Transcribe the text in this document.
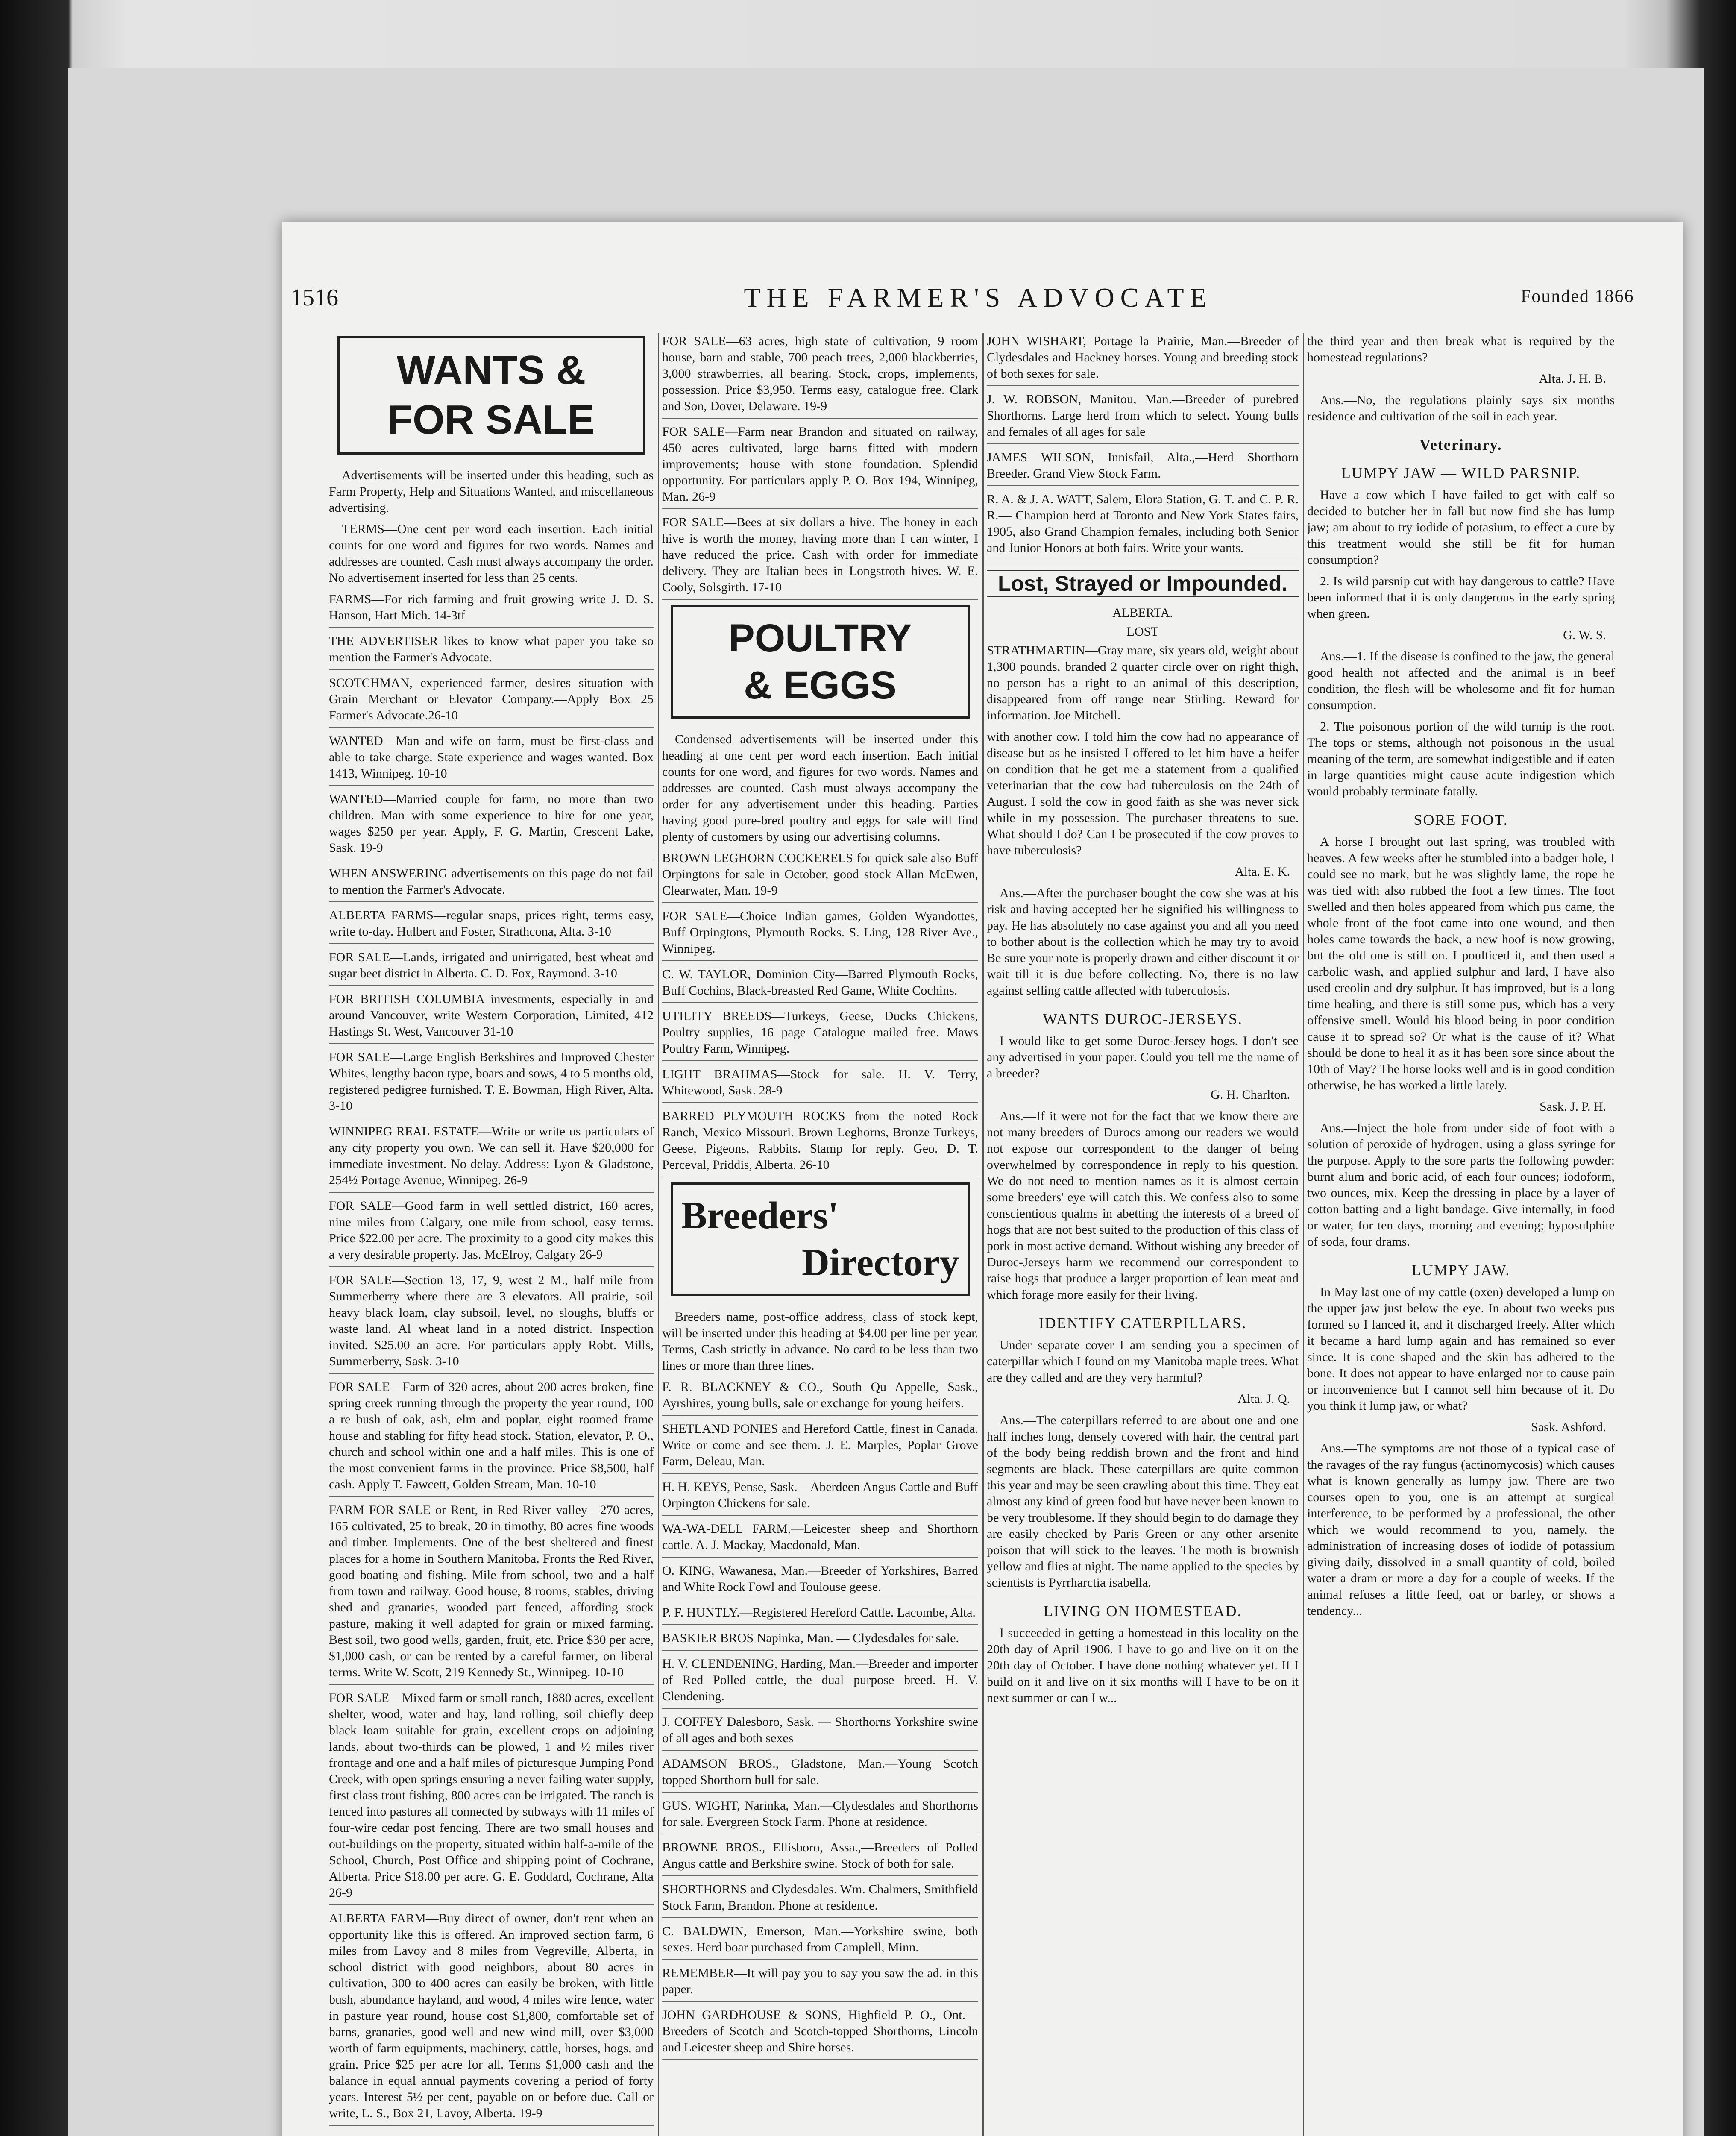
1516	THE FARMER'S ADVOCATE	Founded 1866
WANTS &
FOR SALE

Advertisements will be inserted under this heading, such as Farm Property, Help and Situations Wanted, and miscellaneous advertising.

TERMS—One cent per word each insertion. Each initial counts for one word and figures for two words. Names and addresses are counted. Cash must always accompany the order. No advertisement inserted for less than 25 cents.

FARMS—For rich farming and fruit growing write J. D. S. Hanson, Hart Mich. 14-3tf

THE ADVERTISER likes to know what paper you take so mention the Farmer's Advocate.

SCOTCHMAN, experienced farmer, desires situation with Grain Merchant or Elevator Company.—Apply Box 25 Farmer's Advocate.26-10

WANTED—Man and wife on farm, must be first-class and able to take charge. State experience and wages wanted. Box 1413, Winnipeg. 10-10

WANTED—Married couple for farm, no more than two children. Man with some experience to hire for one year, wages $250 per year. Apply, F. G. Martin, Crescent Lake, Sask. 19-9

WHEN ANSWERING advertisements on this page do not fail to mention the Farmer's Advocate.

ALBERTA FARMS—regular snaps, prices right, terms easy, write to-day. Hulbert and Foster, Strathcona, Alta. 3-10

FOR SALE—Lands, irrigated and unirrigated, best wheat and sugar beet district in Alberta. C. D. Fox, Raymond. 3-10

FOR BRITISH COLUMBIA investments, especially in and around Vancouver, write Western Corporation, Limited, 412 Hastings St. West, Vancouver 31-10

FOR SALE—Large English Berkshires and Improved Chester Whites, lengthy bacon type, boars and sows, 4 to 5 months old, registered pedigree furnished. T. E. Bowman, High River, Alta. 3-10

WINNIPEG REAL ESTATE—Write or write us particulars of any city property you own. We can sell it. Have $20,000 for immediate investment. No delay. Address: Lyon & Gladstone, 254½ Portage Avenue, Winnipeg. 26-9

FOR SALE—Good farm in well settled district, 160 acres, nine miles from Calgary, one mile from school, easy terms. Price $22.00 per acre. The proximity to a good city makes this a very desirable property. Jas. McElroy, Calgary 26-9

FOR SALE—Section 13, 17, 9, west 2 M., half mile from Summerberry where there are 3 elevators. All prairie, soil heavy black loam, clay subsoil, level, no sloughs, bluffs or waste land. Al wheat land in a noted district. Inspection invited. $25.00 an acre. For particulars apply Robt. Mills, Summerberry, Sask. 3-10

FOR SALE—Farm of 320 acres, about 200 acres broken, fine spring creek running through the property the year round, 100 a re bush of oak, ash, elm and poplar, eight roomed frame house and stabling for fifty head stock. Station, elevator, P. O., church and school within one and a half miles. This is one of the most convenient farms in the province. Price $8,500, half cash. Apply T. Fawcett, Golden Stream, Man. 10-10

FARM FOR SALE or Rent, in Red River valley—270 acres, 165 cultivated, 25 to break, 20 in timothy, 80 acres fine woods and timber. Implements. One of the best sheltered and finest places for a home in Southern Manitoba. Fronts the Red River, good boating and fishing. Mile from school, two and a half from town and railway. Good house, 8 rooms, stables, driving shed and granaries, wooded part fenced, affording stock pasture, making it well adapted for grain or mixed farming. Best soil, two good wells, garden, fruit, etc. Price $30 per acre, $1,000 cash, or can be rented by a careful farmer, on liberal terms. Write W. Scott, 219 Kennedy St., Winnipeg. 10-10

FOR SALE—Mixed farm or small ranch, 1880 acres, excellent shelter, wood, water and hay, land rolling, soil chiefly deep black loam suitable for grain, excellent crops on adjoining lands, about two-thirds can be plowed, 1 and ½ miles river frontage and one and a half miles of picturesque Jumping Pond Creek, with open springs ensuring a never failing water supply, first class trout fishing, 800 acres can be irrigated. The ranch is fenced into pastures all connected by subways with 11 miles of four-wire cedar post fencing. There are two small houses and out-buildings on the property, situated within half-a-mile of the School, Church, Post Office and shipping point of Cochrane, Alberta. Price $18.00 per acre. G. E. Goddard, Cochrane, Alta 26-9

ALBERTA FARM—Buy direct of owner, don't rent when an opportunity like this is offered. An improved section farm, 6 miles from Lavoy and 8 miles from Vegreville, Alberta, in school district with good neighbors, about 80 acres in cultivation, 300 to 400 acres can easily be broken, with little bush, abundance hayland, and wood, 4 miles wire fence, water in pasture year round, house cost $1,800, comfortable set of barns, granaries, good well and new wind mill, over $3,000 worth of farm equipments, machinery, cattle, horses, hogs, and grain. Price $25 per acre for all. Terms $1,000 cash and the balance in equal annual payments covering a period of forty years. Interest 5½ per cent, payable on or before due. Call or write, L. S., Box 21, Lavoy, Alberta. 19-9

FOR SALE—63 acres, high state of cultivation, 9 room house, barn and stable, 700 peach trees, 2,000 blackberries, 3,000 strawberries, all bearing. Stock, crops, implements, possession. Price $3,950. Terms easy, catalogue free. Clark and Son, Dover, Delaware. 19-9

FOR SALE—Farm near Brandon and situated on railway, 450 acres cultivated, large barns fitted with modern improvements; house with stone foundation. Splendid opportunity. For particulars apply P. O. Box 194, Winnipeg, Man. 26-9

FOR SALE—Bees at six dollars a hive. The honey in each hive is worth the money, having more than I can winter, I have reduced the price. Cash with order for immediate delivery. They are Italian bees in Longstroth hives. W. E. Cooly, Solsgirth. 17-10

POULTRY
& EGGS

Condensed advertisements will be inserted under this heading at one cent per word each insertion. Each initial counts for one word, and figures for two words. Names and addresses are counted. Cash must always accompany the order for any advertisement under this heading. Parties having good pure-bred poultry and eggs for sale will find plenty of customers by using our advertising columns.

BROWN LEGHORN COCKERELS for quick sale also Buff Orpingtons for sale in October, good stock Allan McEwen, Clearwater, Man. 19-9

FOR SALE—Choice Indian games, Golden Wyandottes, Buff Orpingtons, Plymouth Rocks. S. Ling, 128 River Ave., Winnipeg.

C. W. TAYLOR, Dominion City—Barred Plymouth Rocks, Buff Cochins, Black-breasted Red Game, White Cochins.

UTILITY BREEDS—Turkeys, Geese, Ducks Chickens, Poultry supplies, 16 page Catalogue mailed free. Maws Poultry Farm, Winnipeg.

LIGHT BRAHMAS—Stock for sale. H. V. Terry, Whitewood, Sask. 28-9

BARRED PLYMOUTH ROCKS from the noted Rock Ranch, Mexico Missouri. Brown Leghorns, Bronze Turkeys, Geese, Pigeons, Rabbits. Stamp for reply. Geo. D. T. Perceval, Priddis, Alberta. 26-10

Breeders'
Directory

Breeders name, post-office address, class of stock kept, will be inserted under this heading at $4.00 per line per year. Terms, Cash strictly in advance. No card to be less than two lines or more than three lines.

F. R. BLACKNEY & CO., South Qu Appelle, Sask., Ayrshires, young bulls, sale or exchange for young heifers.

SHETLAND PONIES and Hereford Cattle, finest in Canada. Write or come and see them. J. E. Marples, Poplar Grove Farm, Deleau, Man.

H. H. KEYS, Pense, Sask.—Aberdeen Angus Cattle and Buff Orpington Chickens for sale.

WA-WA-DELL FARM.—Leicester sheep and Shorthorn cattle. A. J. Mackay, Macdonald, Man.

O. KING, Wawanesa, Man.—Breeder of Yorkshires, Barred and White Rock Fowl and Toulouse geese.

P. F. HUNTLY.—Registered Hereford Cattle. Lacombe, Alta.

BASKIER BROS Napinka, Man. — Clydesdales for sale.

H. V. CLENDENING, Harding, Man.—Breeder and importer of Red Polled cattle, the dual purpose breed. H. V. Clendening.

J. COFFEY Dalesboro, Sask. — Shorthorns Yorkshire swine of all ages and both sexes

ADAMSON BROS., Gladstone, Man.—Young Scotch topped Shorthorn bull for sale.

GUS. WIGHT, Narinka, Man.—Clydesdales and Shorthorns for sale. Evergreen Stock Farm. Phone at residence.

BROWNE BROS., Ellisboro, Assa.,—Breeders of Polled Angus cattle and Berkshire swine. Stock of both for sale.

SHORTHORNS and Clydesdales. Wm. Chalmers, Smithfield Stock Farm, Brandon. Phone at residence.

C. BALDWIN, Emerson, Man.—Yorkshire swine, both sexes. Herd boar purchased from Camplell, Minn.

REMEMBER—It will pay you to say you saw the ad. in this paper.

JOHN GARDHOUSE & SONS, Highfield P. O., Ont.—Breeders of Scotch and Scotch-topped Shorthorns, Lincoln and Leicester sheep and Shire horses.

JOHN WISHART, Portage la Prairie, Man.—Breeder of Clydesdales and Hackney horses. Young and breeding stock of both sexes for sale.

J. W. ROBSON, Manitou, Man.—Breeder of purebred Shorthorns. Large herd from which to select. Young bulls and females of all ages for sale

JAMES WILSON, Innisfail, Alta.,—Herd Shorthorn Breeder. Grand View Stock Farm.

R. A. & J. A. WATT, Salem, Elora Station, G. T. and C. P. R. R.— Champion herd at Toronto and New York States fairs, 1905, also Grand Champion females, including both Senior and Junior Honors at both fairs. Write your wants.

Lost, Strayed or Impounded.
ALBERTA.
LOST

STRATHMARTIN—Gray mare, six years old, weight about 1,300 pounds, branded 2 quarter circle over on right thigh, no person has a right to an animal of this description, disappeared from off range near Stirling. Reward for information. Joe Mitchell.

with another cow. I told him the cow had no appearance of disease but as he insisted I offered to let him have a heifer on condition that he get me a statement from a qualified veterinarian that the cow had tuberculosis on the 24th of August. I sold the cow in good faith as she was never sick while in my possession. The purchaser threatens to sue. What should I do? Can I be prosecuted if the cow proves to have tuberculosis?

Alta. E. K.

Ans.—After the purchaser bought the cow she was at his risk and having accepted her he signified his willingness to pay. He has absolutely no case against you and all you need to bother about is the collection which he may try to avoid Be sure your note is properly drawn and either discount it or wait till it is due before collecting. No, there is no law against selling cattle affected with tuberculosis.

WANTS DUROC-JERSEYS.

I would like to get some Duroc-Jersey hogs. I don't see any advertised in your paper. Could you tell me the name of a breeder?

G. H. Charlton.

Ans.—If it were not for the fact that we know there are not many breeders of Durocs among our readers we would not expose our correspondent to the danger of being overwhelmed by correspondence in reply to his question. We do not need to mention names as it is almost certain some breeders' eye will catch this. We confess also to some conscientious qualms in abetting the interests of a breed of hogs that are not best suited to the production of this class of pork in most active demand. Without wishing any breeder of Duroc-Jerseys harm we recommend our correspondent to raise hogs that produce a larger proportion of lean meat and which forage more easily for their living.

IDENTIFY CATERPILLARS.

Under separate cover I am sending you a specimen of caterpillar which I found on my Manitoba maple trees. What are they called and are they very harmful?

Alta. J. Q.

Ans.—The caterpillars referred to are about one and one half inches long, densely covered with hair, the central part of the body being reddish brown and the front and hind segments are black. These caterpillars are quite common this year and may be seen crawling about this time. They eat almost any kind of green food but have never been known to be very troublesome. If they should begin to do damage they are easily checked by Paris Green or any other arsenite poison that will stick to the leaves. The moth is brownish yellow and flies at night. The name applied to the species by scientists is Pyrrharctia isabella.

LIVING ON HOMESTEAD.

I succeeded in getting a homestead in this locality on the 20th day of April 1906. I have to go and live on it on the 20th day of October. I have done nothing whatever yet. If I build on it and live on it six months will I have to be on it next summer or can I w...

the third year and then break what is required by the homestead regulations?

Alta. J. H. B.

Ans.—No, the regulations plainly says six months residence and cultivation of the soil in each year.

Veterinary.
LUMPY JAW — WILD PARSNIP.

Have a cow which I have failed to get with calf so decided to butcher her in fall but now find she has lump jaw; am about to try iodide of potasium, to effect a cure by this treatment would she still be fit for human consumption?

2. Is wild parsnip cut with hay dangerous to cattle? Have been informed that it is only dangerous in the early spring when green.

G. W. S.

Ans.—1. If the disease is confined to the jaw, the general good health not affected and the animal is in beef condition, the flesh will be wholesome and fit for human consumption.

2. The poisonous portion of the wild turnip is the root. The tops or stems, although not poisonous in the usual meaning of the term, are somewhat indigestible and if eaten in large quantities might cause acute indigestion which would probably terminate fatally.

SORE FOOT.

A horse I brought out last spring, was troubled with heaves. A few weeks after he stumbled into a badger hole, I could see no mark, but he was slightly lame, the rope he was tied with also rubbed the foot a few times. The foot swelled and then holes appeared from which pus came, the whole front of the foot came into one wound, and then holes came towards the back, a new hoof is now growing, but the old one is still on. I poulticed it, and then used a carbolic wash, and applied sulphur and lard, I have also used creolin and dry sulphur. It has improved, but is a long time healing, and there is still some pus, which has a very offensive smell. Would his blood being in poor condition cause it to spread so? Or what is the cause of it? What should be done to heal it as it has been sore since about the 10th of May? The horse looks well and is in good condition otherwise, he has worked a little lately.

Sask. J. P. H.

Ans.—Inject the hole from under side of foot with a solution of peroxide of hydrogen, using a glass syringe for the purpose. Apply to the sore parts the following powder: burnt alum and boric acid, of each four ounces; iodoform, two ounces, mix. Keep the dressing in place by a layer of cotton batting and a light bandage. Give internally, in food or water, for ten days, morning and evening; hyposulphite of soda, four drams.

LUMPY JAW.

In May last one of my cattle (oxen) developed a lump on the upper jaw just below the eye. In about two weeks pus formed so I lanced it, and it discharged freely. After which it became a hard lump again and has remained so ever since. It is cone shaped and the skin has adhered to the bone. It does not appear to have enlarged nor to cause pain or inconvenience but I cannot sell him because of it. Do you think it lump jaw, or what?

Sask. Ashford.

Ans.—The symptoms are not those of a typical case of the ravages of the ray fungus (actinomycosis) which causes what is known generally as lumpy jaw. There are two courses open to you, one is an attempt at surgical interference, to be performed by a professional, the other which we would recommend to you, namely, the administration of increasing doses of iodide of potassium giving daily, dissolved in a small quantity of cold, boiled water a dram or more a day for a couple of weeks. If the animal refuses a little feed, oat or barley, or shows a tendency...
